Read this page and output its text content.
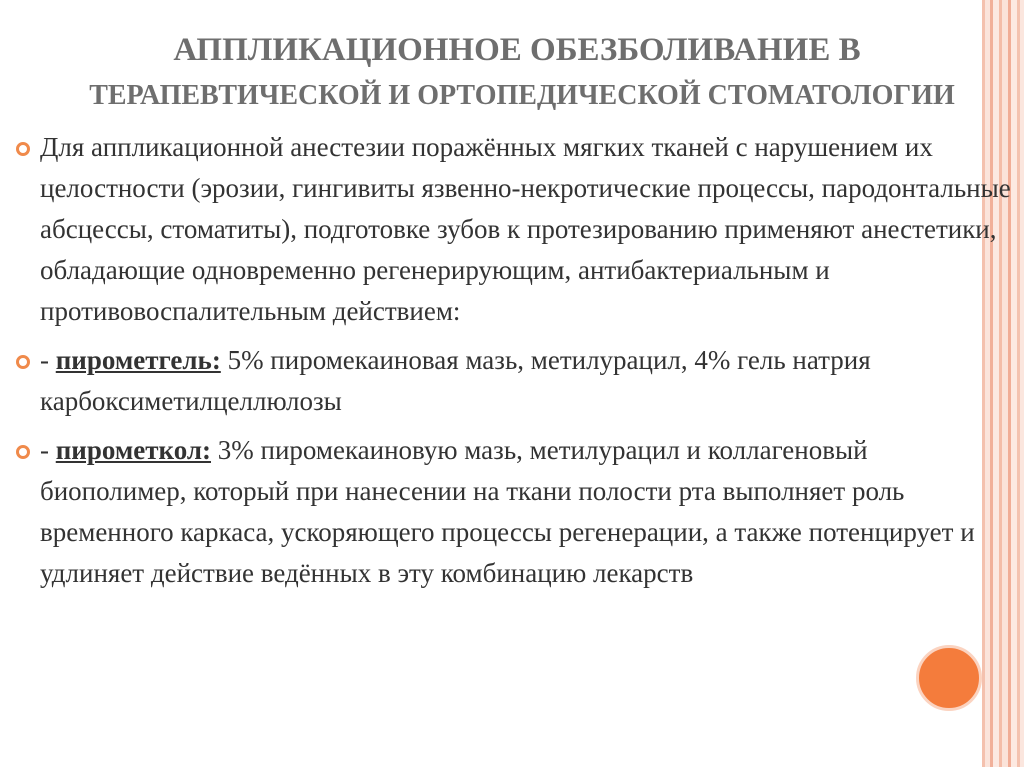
АППЛИКАЦИОННОЕ ОБЕЗБОЛИВАНИЕ В
ТЕРАПЕВТИЧЕСКОЙ И ОРТОПЕДИЧЕСКОЙ СТОМАТОЛОГИИ
Для аппликационной анестезии поражённых мягких тканей с нарушением их целостности (эрозии, гингивиты язвенно-некротические процессы, пародонтальные абсцессы, стоматиты), подготовке зубов к протезированию применяют анестетики, обладающие одновременно регенерирующим, антибактериальным и противовоспалительным действием:
- пирометгель: 5% пиромекаиновая мазь, метилурацил, 4% гель натрия карбоксиметилцеллюлозы
- пирометкол: 3% пиромекаиновую мазь, метилурацил и коллагеновый биополимер, который при нанесении на ткани полости рта выполняет роль временного каркаса, ускоряющего процессы регенерации, а также потенцирует и удлиняет действие ведённых в эту комбинацию лекарств
